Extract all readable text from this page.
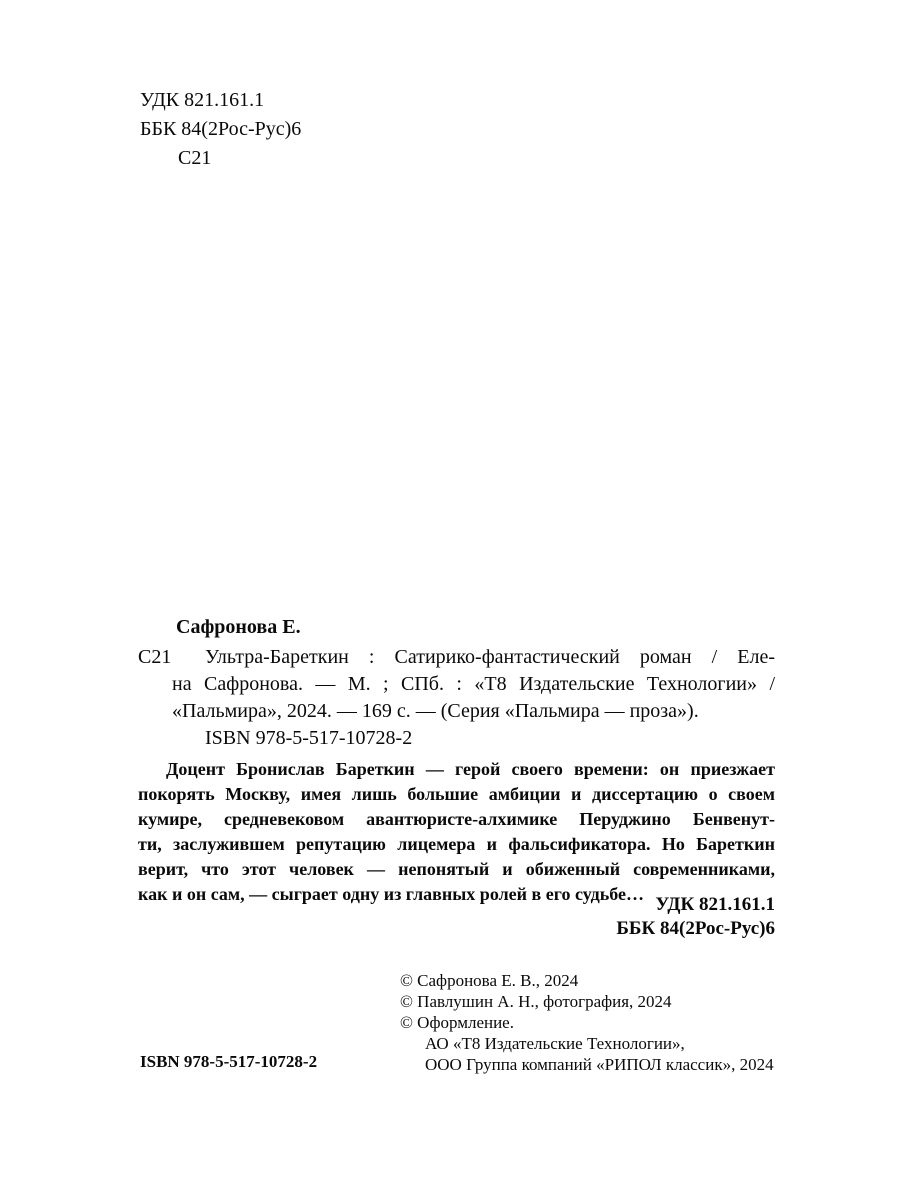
УДК 821.161.1
ББК 84(2Рос-Рус)6
С21
Сафронова Е.
С21	Ультра-Бареткин : Сатирико-фантастический роман / Еле-
на Сафронова. — М. ; СПб. : «Т8 Издательские Технологии» /
«Пальмира», 2024. — 169 с. — (Серия «Пальмира — проза»).
ISBN 978-5-517-10728-2
Доцент Бронислав Бареткин — герой своего времени: он приезжает
покорять Москву, имея лишь большие амбиции и диссертацию о своем
кумире, средневековом авантюристе-алхимике Перуджино Бенвенут-
ти, заслужившем репутацию лицемера и фальсификатора. Но Бареткин
верит, что этот человек — непонятый и обиженный современниками,
как и он сам, — сыграет одну из главных ролей в его судьбе… УДК 821.161.1
ББК 84(2Рос-Рус)6
© Сафронова Е. В., 2024
© Павлушин А. Н., фотография, 2024
© Оформление.
АО «Т8 Издательские Технологии»,
ООО Группа компаний «РИПОЛ классик», 2024
ISBN 978-5-517-10728-2
